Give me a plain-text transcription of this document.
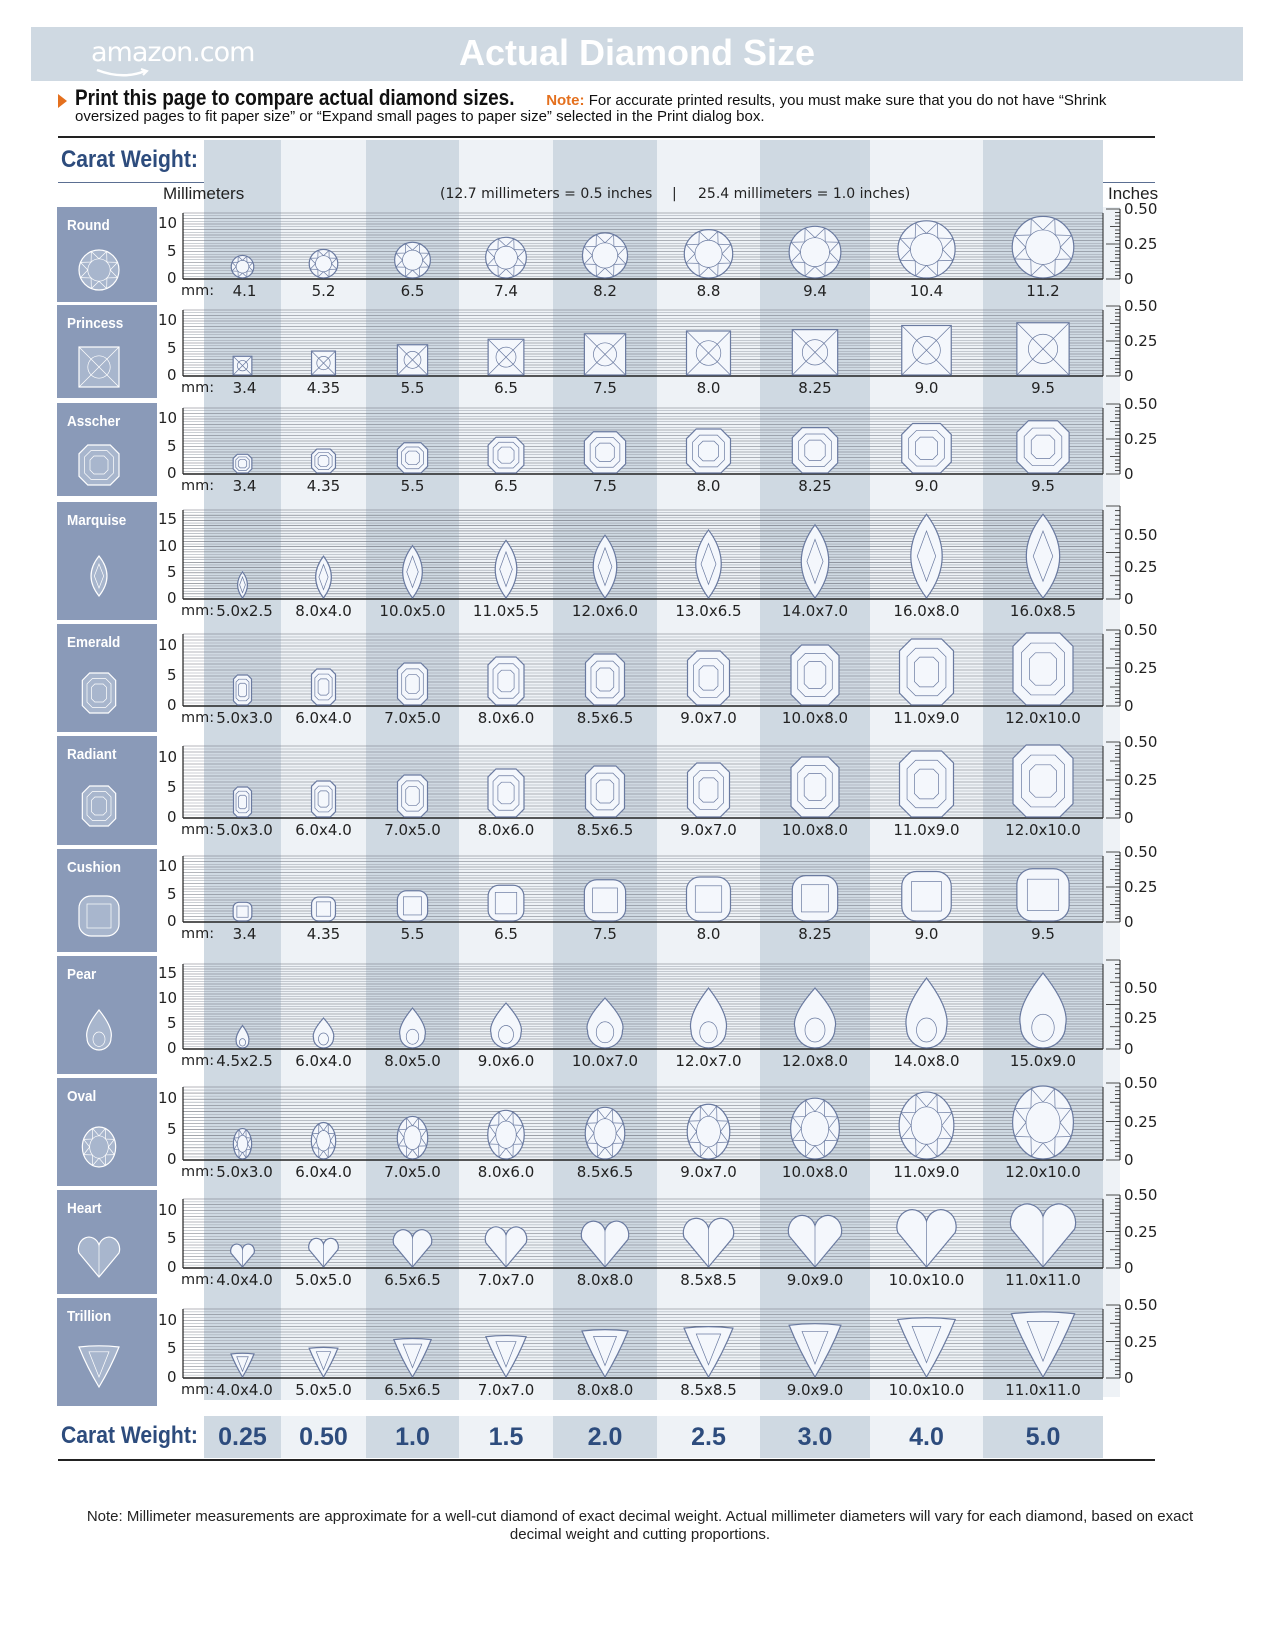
amazon.com	Actual Diamond Size
Print this page to compare actual diamond sizes. Note: For accurate printed results, you must make sure that you do not have “Shrink oversized pages to fit paper size” or “Expand small pages to paper size” selected in the Print dialog box.
Carat Weight:
Millimeters	Inches
(12.7 millimeters = 0.5 inches | 25.4 millimeters = 1.0 inches)
Round	10
5
0
0.50
0.25
0
mm:	4.1	5.2	6.5	7.4	8.2	8.8	9.4	10.4	11.2
Princess 10
5
0
0.50
0.25
0
mm:	3.4	4.35	5.5	6.5	7.5	8.0	8.25	9.0	9.5
Asscher	10
5
0
0.50
0.25
0
mm:	3.4	4.35	5.5	6.5	7.5	8.0	8.25	9.0	9.5
Marquise 15
10
5
0
0.50
0.25
0
mm: 5.0x2.5	8.0x4.0	10.0x5.0	11.0x5.5	12.0x6.0	13.0x6.5	14.0x7.0	16.0x8.0	16.0x8.5
Emerald	10
5
0
0.50
0.25
0
mm: 5.0x3.0	6.0x4.0	7.0x5.0	8.0x6.0	8.5x6.5	9.0x7.0	10.0x8.0	11.0x9.0	12.0x10.0
Radiant	10
5
0
0.50
0.25
0
mm: 5.0x3.0	6.0x4.0	7.0x5.0	8.0x6.0	8.5x6.5	9.0x7.0	10.0x8.0	11.0x9.0	12.0x10.0
Cushion 10
5
0
0.50
0.25
0
mm:	3.4	4.35	5.5	6.5	7.5	8.0	8.25	9.0	9.5
Pear	15
10
5
0
0.50
0.25
0
mm: 4.5x2.5	6.0x4.0	8.0x5.0	9.0x6.0	10.0x7.0	12.0x7.0	12.0x8.0	14.0x8.0	15.0x9.0
Oval	10
5
0
0.50
0.25
0
mm: 5.0x3.0	6.0x4.0	7.0x5.0	8.0x6.0	8.5x6.5	9.0x7.0	10.0x8.0	11.0x9.0	12.0x10.0
Heart	10
5
0
0.50
0.25
0
mm: 4.0x4.0	5.0x5.0	6.5x6.5	7.0x7.0	8.0x8.0	8.5x8.5	9.0x9.0	10.0x10.0	11.0x11.0
Trillion	10
5
0
0.50
0.25
0
mm: 4.0x4.0	5.0x5.0	6.5x6.5	7.0x7.0	8.0x8.0	8.5x8.5	9.0x9.0	10.0x10.0	11.0x11.0
Carat Weight: 0.25	0.50	1.0	1.5	2.0	2.5	3.0	4.0	5.0
Note: Millimeter measurements are approximate for a well-cut diamond of exact decimal weight. Actual millimeter diameters will vary for each diamond, based on exact decimal weight and cutting proportions.
